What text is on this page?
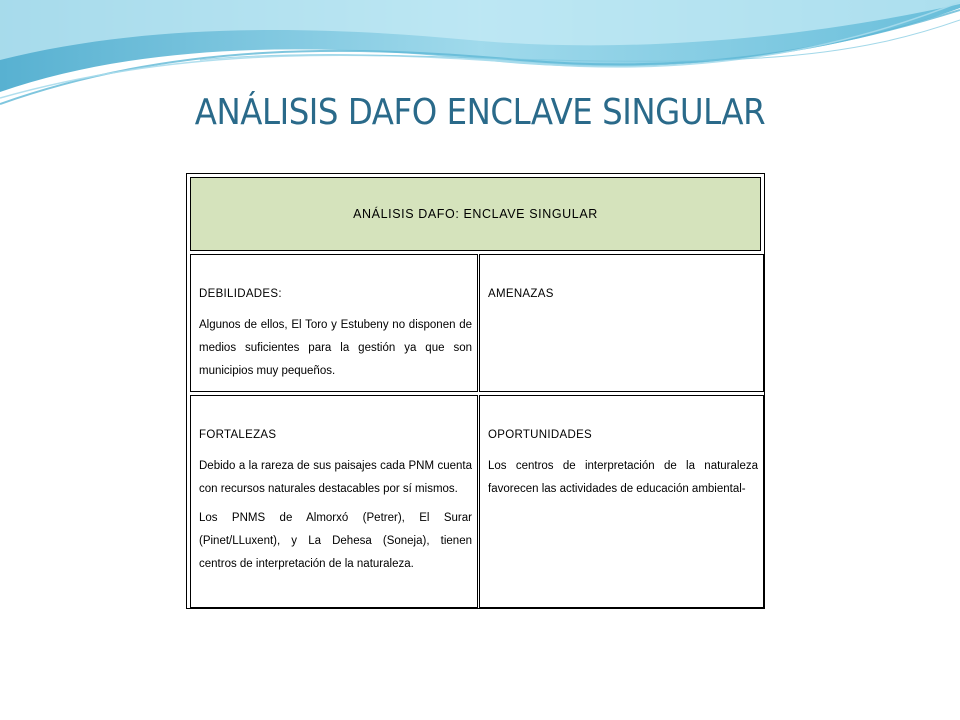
ANÁLISIS DAFO ENCLAVE SINGULAR
ANÁLISIS DAFO: ENCLAVE SINGULAR
DEBILIDADES:
Algunos de ellos, El Toro y Estubeny no disponen de medios suficientes para la gestión ya que son municipios muy pequeños.
AMENAZAS
FORTALEZAS
Debido a la rareza de sus paisajes cada PNM cuenta con recursos naturales destacables por sí mismos.
Los PNMS de Almorxó (Petrer), El Surar (Pinet/LLuxent), y La Dehesa (Soneja), tienen centros de interpretación de la naturaleza.
OPORTUNIDADES
Los centros de interpretación de la naturaleza favorecen las actividades de educación ambiental-
